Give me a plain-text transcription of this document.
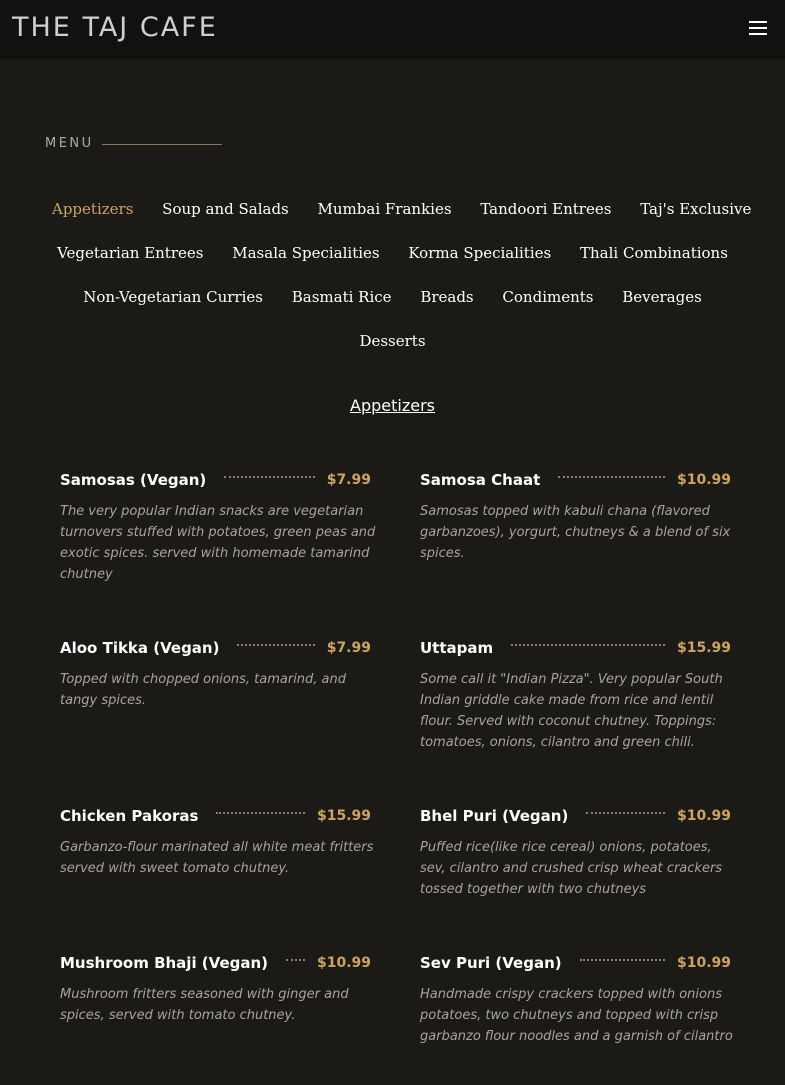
THE TAJ CAFE
MENU
Appetizers Soup and Salads Mumbai Frankies Tandoori Entrees Taj's Exclusive
Vegetarian Entrees Masala Specialities Korma Specialities Thali Combinations
Non-Vegetarian Curries Basmati Rice Breads Condiments Beverages
Desserts
Appetizers
Samosas (Vegan)	$7.99
The very popular Indian snacks are vegetarian turnovers stuffed with potatoes, green peas and exotic spices. served with homemade tamarind chutney
Samosa Chaat	$10.99
Samosas topped with kabuli chana (flavored garbanzoes), yorgurt, chutneys & a blend of six spices.
Aloo Tikka (Vegan)	$7.99
Topped with chopped onions, tamarind, and tangy spices.
Uttapam	$15.99
Some call it "Indian Pizza". Very popular South Indian griddle cake made from rice and lentil flour. Served with coconut chutney. Toppings: tomatoes, onions, cilantro and green chili.
Chicken Pakoras	$15.99
Garbanzo-flour marinated all white meat fritters served with sweet tomato chutney.
Bhel Puri (Vegan)	$10.99
Puffed rice(like rice cereal) onions, potatoes, sev, cilantro and crushed crisp wheat crackers tossed together with two chutneys
Mushroom Bhaji (Vegan)	$10.99
Mushroom fritters seasoned with ginger and spices, served with tomato chutney.
Sev Puri (Vegan)	$10.99
Handmade crispy crackers topped with onions potatoes, two chutneys and topped with crisp garbanzo flour noodles and a garnish of cilantro
